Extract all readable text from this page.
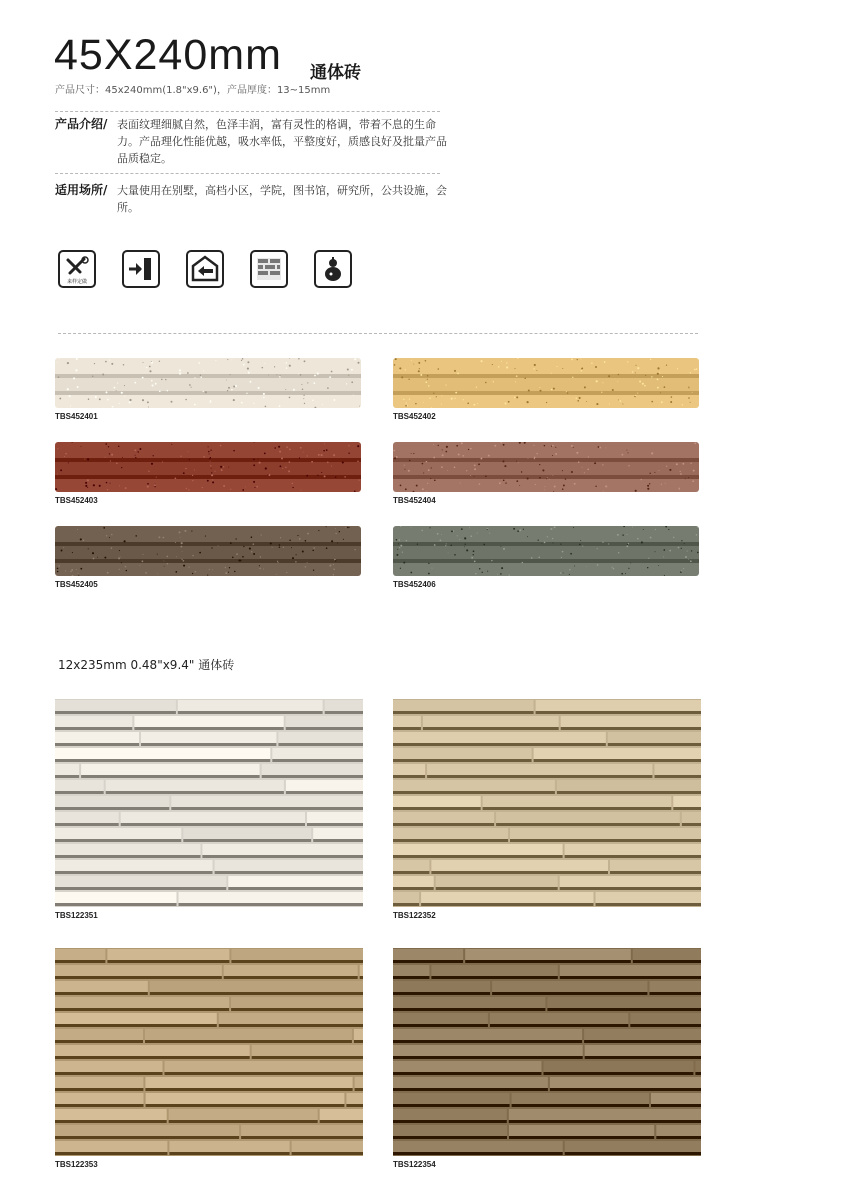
45X240mm 通体砖
产品尺寸：45x240mm(1.8"x9.6")，产品厚度：13~15mm
产品介绍/ 表面纹理细腻自然，色泽丰润，富有灵性的格调，带着不息的生命力。产品理化性能优越，吸水率低，平整度好，质感良好及批量产品品质稳定。
适用场所/ 大量使用在别墅，高档小区，学院，图书馆，研究所，公共设施，会所。
来样定做
TBS452401	TBS452402
TBS452403	TBS452404
TBS452405	TBS452406
12x235mm 0.48"x9.4" 通体砖
TBS122351	TBS122352
TBS122353	TBS122354
